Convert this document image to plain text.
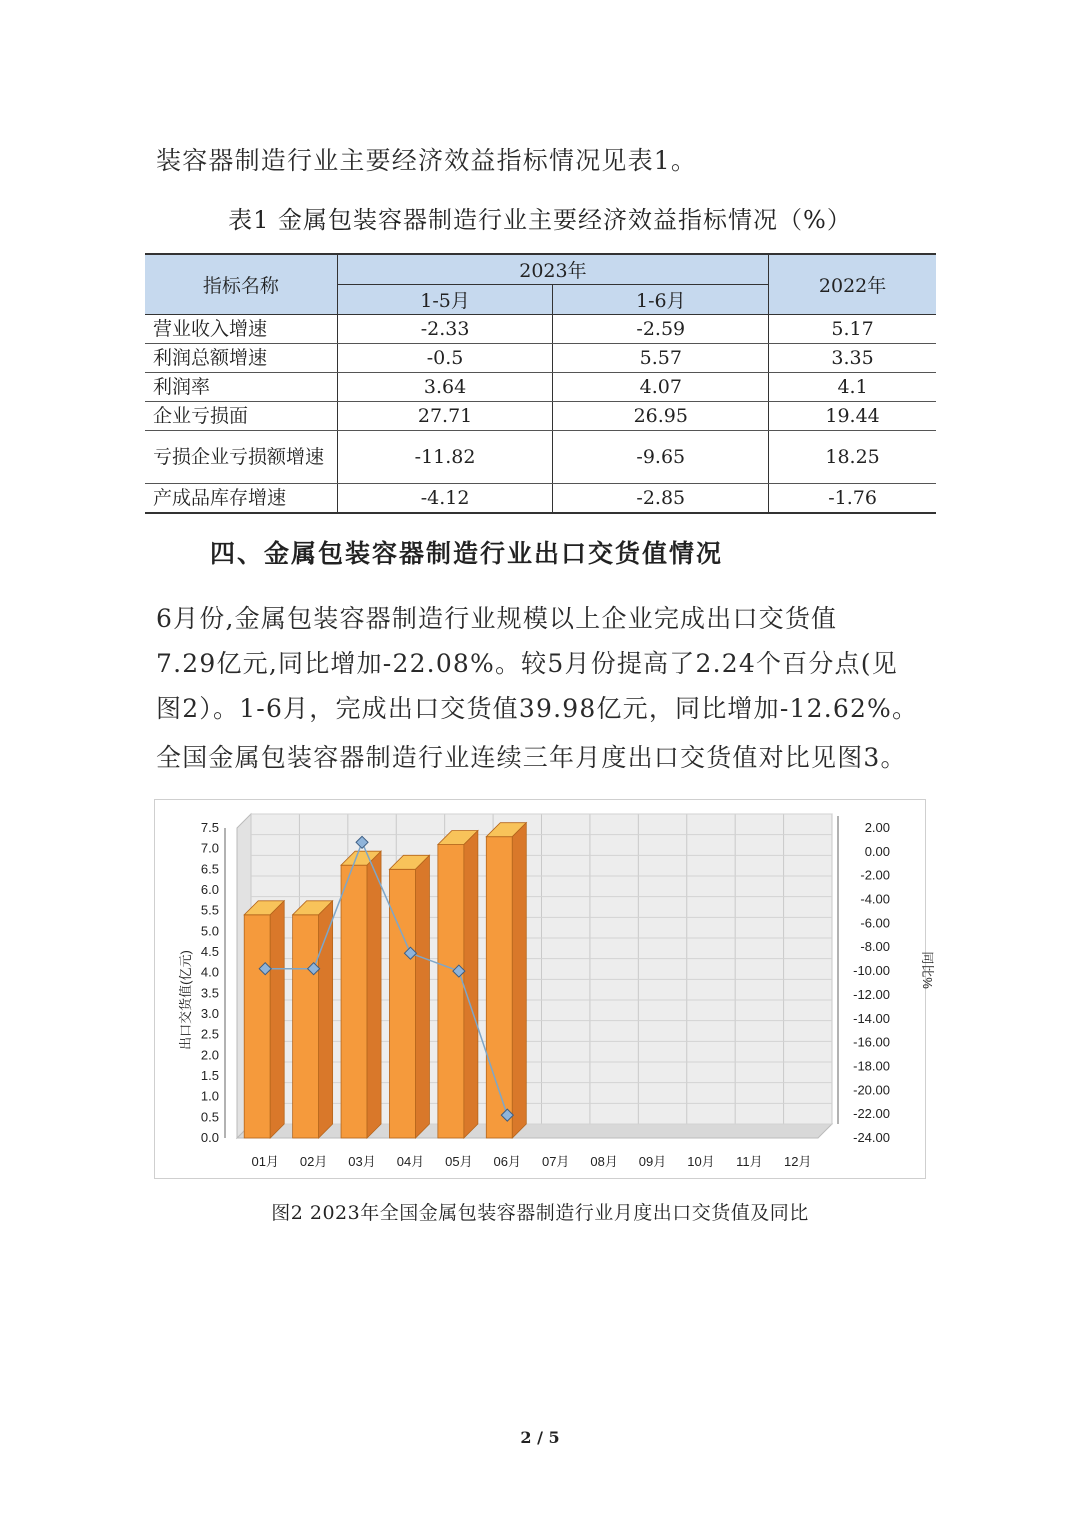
装容器制造行业主要经济效益指标情况见表1。
表1 金属包装容器制造行业主要经济效益指标情况（%）
指标名称	2023年		2022年
	1-5月	1-6月	
营业收入增速	-2.33	-2.59	5.17
利润总额增速	-0.5	5.57	3.35
利润率	3.64	4.07	4.1
企业亏损面	27.71	26.95	19.44
亏损企业亏损额增速	-11.82	-9.65	18.25
产成品库存增速	-4.12	-2.85	-1.76
四、金属包装容器制造行业出口交货值情况
6月份,金属包装容器制造行业规模以上企业完成出口交货值
7.29亿元,同比增加-22.08%。较5月份提高了2.24个百分点(见
图2）。1-6月，完成出口交货值39.98亿元，同比增加-12.62%。
全国金属包装容器制造行业连续三年月度出口交货值对比见图3。
0.0
0.5
1.0
1.5
2.0
2.5
3.0
3.5
4.0
4.5
5.0
5.5
6.0
6.5
7.0
7.5	2.00
0.00
-2.00
-4.00
-6.00
-8.00
-10.00
-12.00
-14.00
-16.00
-18.00
-20.00
-22.00
-24.00
01月 02月 03月 04月 05月 06月 07月 08月 09月 10月 11月 12月
出口交货值(亿元)	同比%
图2 2023年全国金属包装容器制造行业月度出口交货值及同比
2 / 5
